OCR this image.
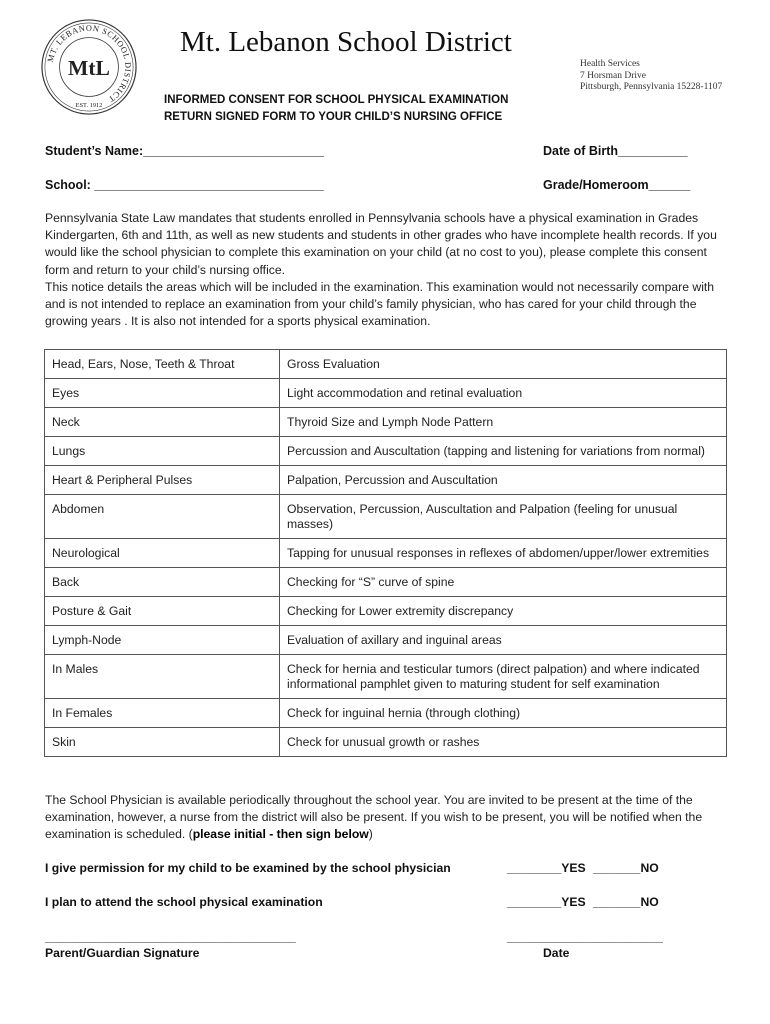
MT. LEBANON SCHOOL DISTRICT
MtL
EST. 1912
Mt. Lebanon School District
Health Services
7 Horsman Drive
Pittsburgh, Pennsylvania 15228-1107
INFORMED CONSENT FOR SCHOOL PHYSICAL EXAMINATION
RETURN SIGNED FORM TO YOUR CHILD’S NURSING OFFICE
Student’s Name:__________________________	Date of Birth__________
School: _________________________________	Grade/Homeroom______

Pennsylvania State Law mandates that students enrolled in Pennsylvania schools have a physical examination in Grades Kindergarten, 6th and 11th, as well as new students and students in other grades who have incomplete health records. If you would like the school physician to complete this examination on your child (at no cost to you), please complete this consent form and return to your child’s nursing office.

This notice details the areas which will be included in the examination. This examination would not necessarily compare with and is not intended to replace an examination from your child’s family physician, who has cared for your child through the growing years . It is also not intended for a sports physical examination.

Head, Ears, Nose, Teeth & Throat	Gross Evaluation
Eyes	Light accommodation and retinal evaluation
Neck	Thyroid Size and Lymph Node Pattern
Lungs	Percussion and Auscultation (tapping and listening for variations from normal)
Heart & Peripheral Pulses	Palpation, Percussion and Auscultation
Abdomen	Observation, Percussion, Auscultation and Palpation (feeling for unusual masses)
Neurological	Tapping for unusual responses in reflexes of abdomen/upper/lower extremities
Back	Checking for “S” curve of spine
Posture & Gait	Checking for Lower extremity discrepancy
Lymph-Node	Evaluation of axillary and inguinal areas
In Males	Check for hernia and testicular tumors (direct palpation) and where indicated informational pamphlet given to maturing student for self examination
In Females	Check for inguinal hernia (through clothing)
Skin	Check for unusual growth or rashes
The School Physician is available periodically throughout the school year. You are invited to be present at the time of the examination, however, a nurse from the district will also be present. If you wish to be present, you will be notified when the examination is scheduled. (please initial - then sign below)
I give permission for my child to be examined by the school physician	________YES _______NO
I plan to attend the school physical examination	________YES _______NO
_____________________________________
Parent/Guardian Signature
_______________________
Date
